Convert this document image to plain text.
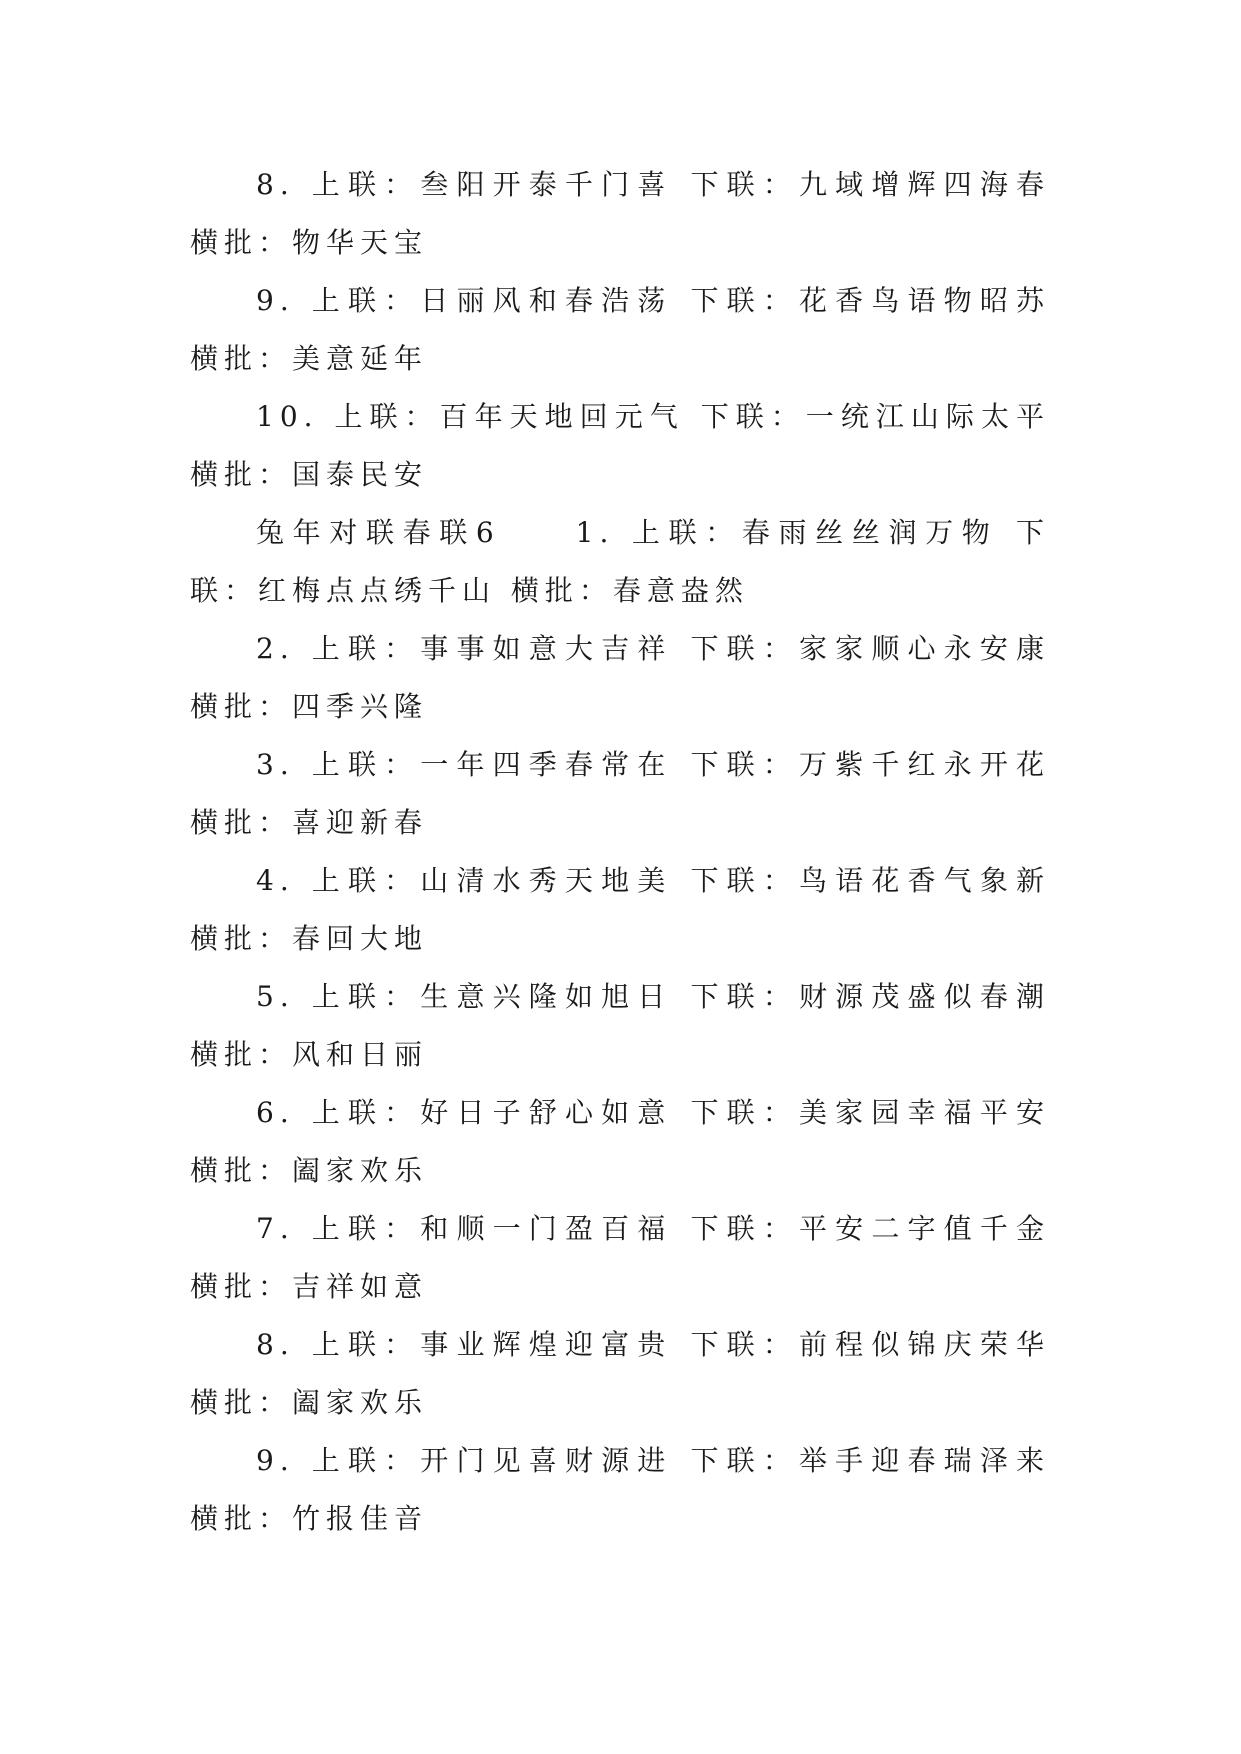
8. 上联：叁阳开泰千门喜 下联：九域增辉四海春 横批：物华天宝

9. 上联：日丽风和春浩荡 下联：花香鸟语物昭苏 横批：美意延年

10. 上联：百年天地回元气 下联：一统江山际太平 横批：国泰民安

兔年对联春联6　　1. 上联：春雨丝丝润万物 下联：红梅点点绣千山 横批：春意盎然

2. 上联：事事如意大吉祥 下联：家家顺心永安康 横批：四季兴隆

3. 上联：一年四季春常在 下联：万紫千红永开花 横批：喜迎新春

4. 上联：山清水秀天地美 下联：鸟语花香气象新 横批：春回大地

5. 上联：生意兴隆如旭日 下联：财源茂盛似春潮 横批：风和日丽

6. 上联：好日子舒心如意 下联：美家园幸福平安 横批：阖家欢乐

7. 上联：和顺一门盈百福 下联：平安二字值千金 横批：吉祥如意

8. 上联：事业辉煌迎富贵 下联：前程似锦庆荣华 横批：阖家欢乐

9. 上联：开门见喜财源进 下联：举手迎春瑞泽来 横批：竹报佳音
